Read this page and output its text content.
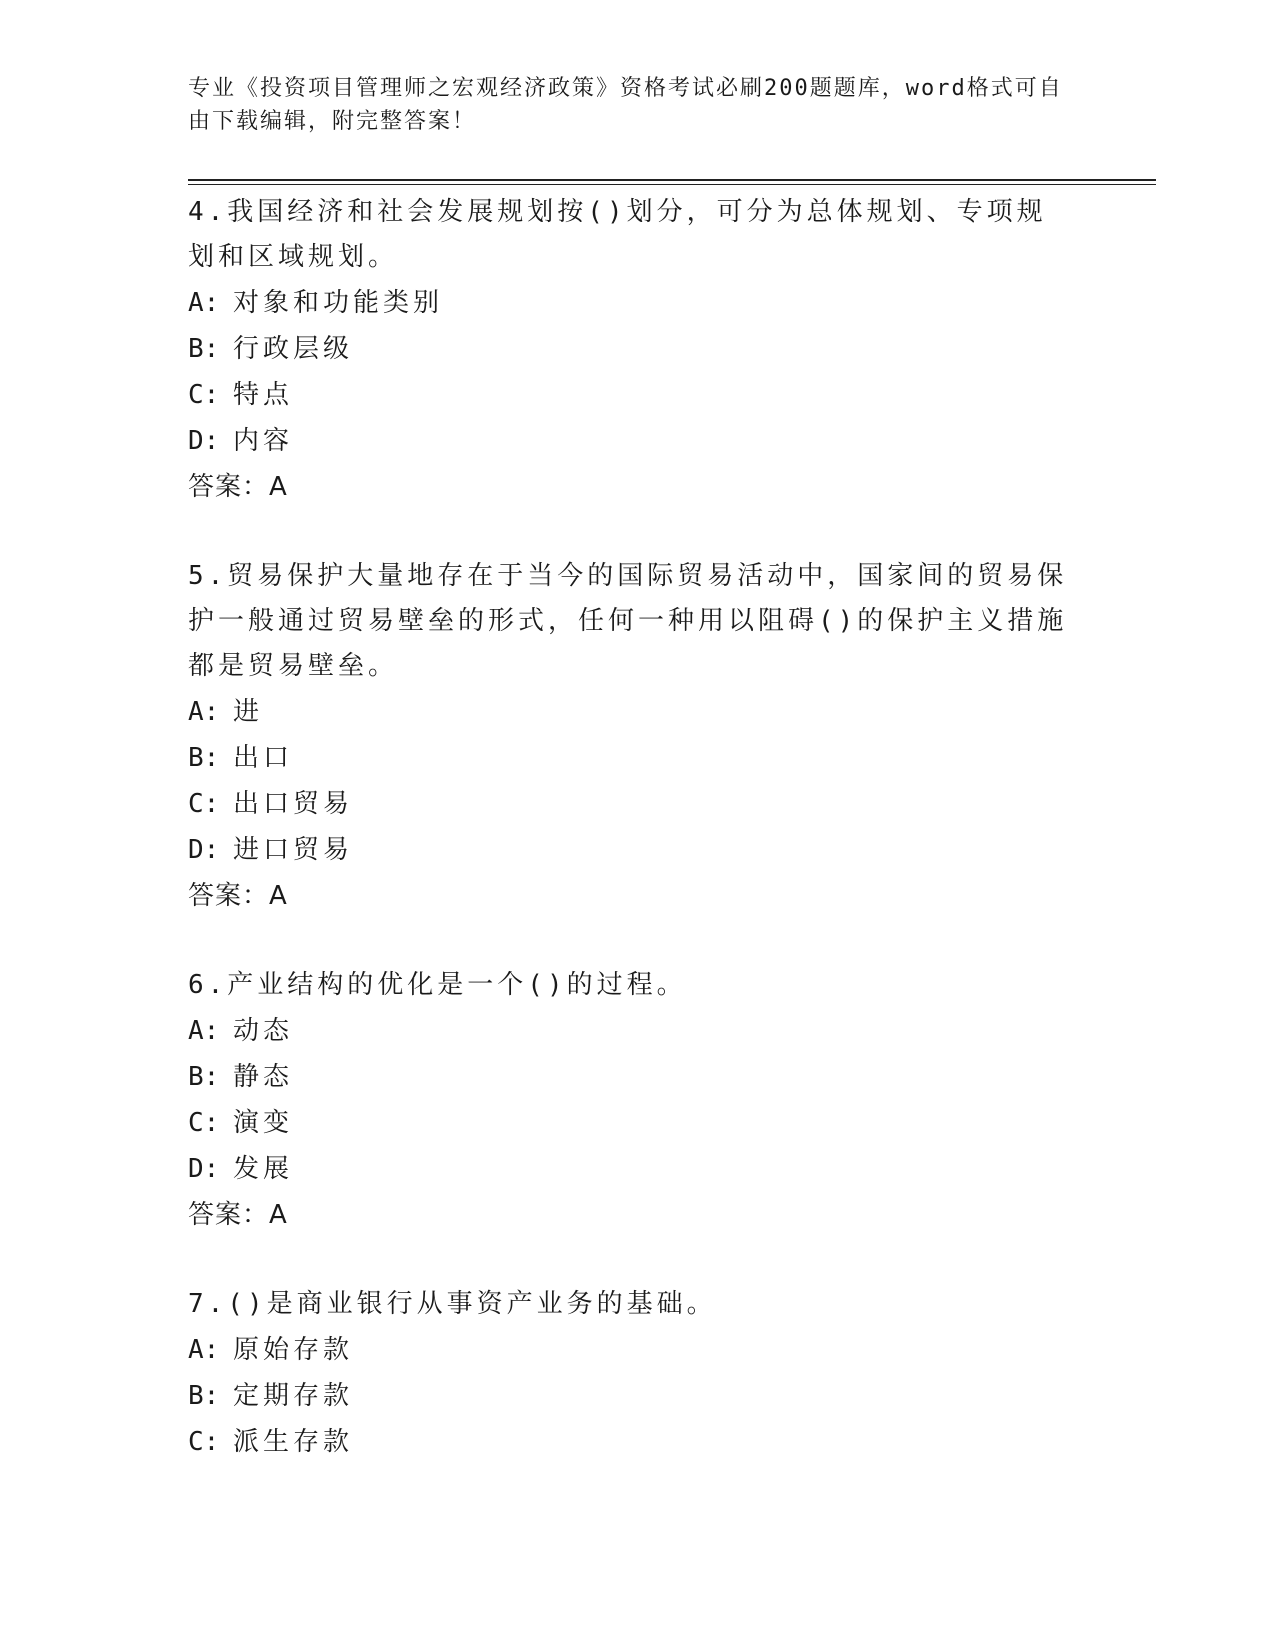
专业《投资项目管理师之宏观经济政策》资格考试必刷200题题库，word格式可自由下载编辑，附完整答案！

4.我国经济和社会发展规划按()划分，可分为总体规划、专项规划和区域规划。

A: 对象和功能类别
B: 行政层级
C: 特点
D: 内容
答案：A

5.贸易保护大量地存在于当今的国际贸易活动中，国家间的贸易保护一般通过贸易壁垒的形式，任何一种用以阻碍()的保护主义措施都是贸易壁垒。

A: 进
B: 出口
C: 出口贸易
D: 进口贸易
答案：A

6.产业结构的优化是一个()的过程。

A: 动态
B: 静态
C: 演变
D: 发展
答案：A

7.()是商业银行从事资产业务的基础。

A: 原始存款
B: 定期存款
C: 派生存款
